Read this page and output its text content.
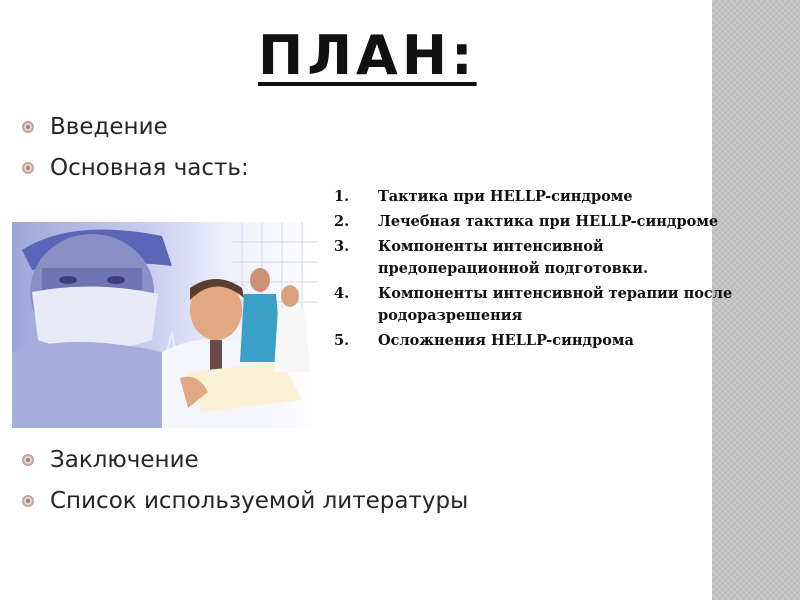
ПЛАН:
Введение
Основная часть:
Заключение
Список используемой литературы
1. Тактика при HELLP-синдроме
2. Лечебная тактика при HELLP-синдроме
3. Компоненты интенсивной предоперационной подготовки.
4. Компоненты интенсивной терапии после родоразрешения
5. Осложнения HELLP-синдрома
